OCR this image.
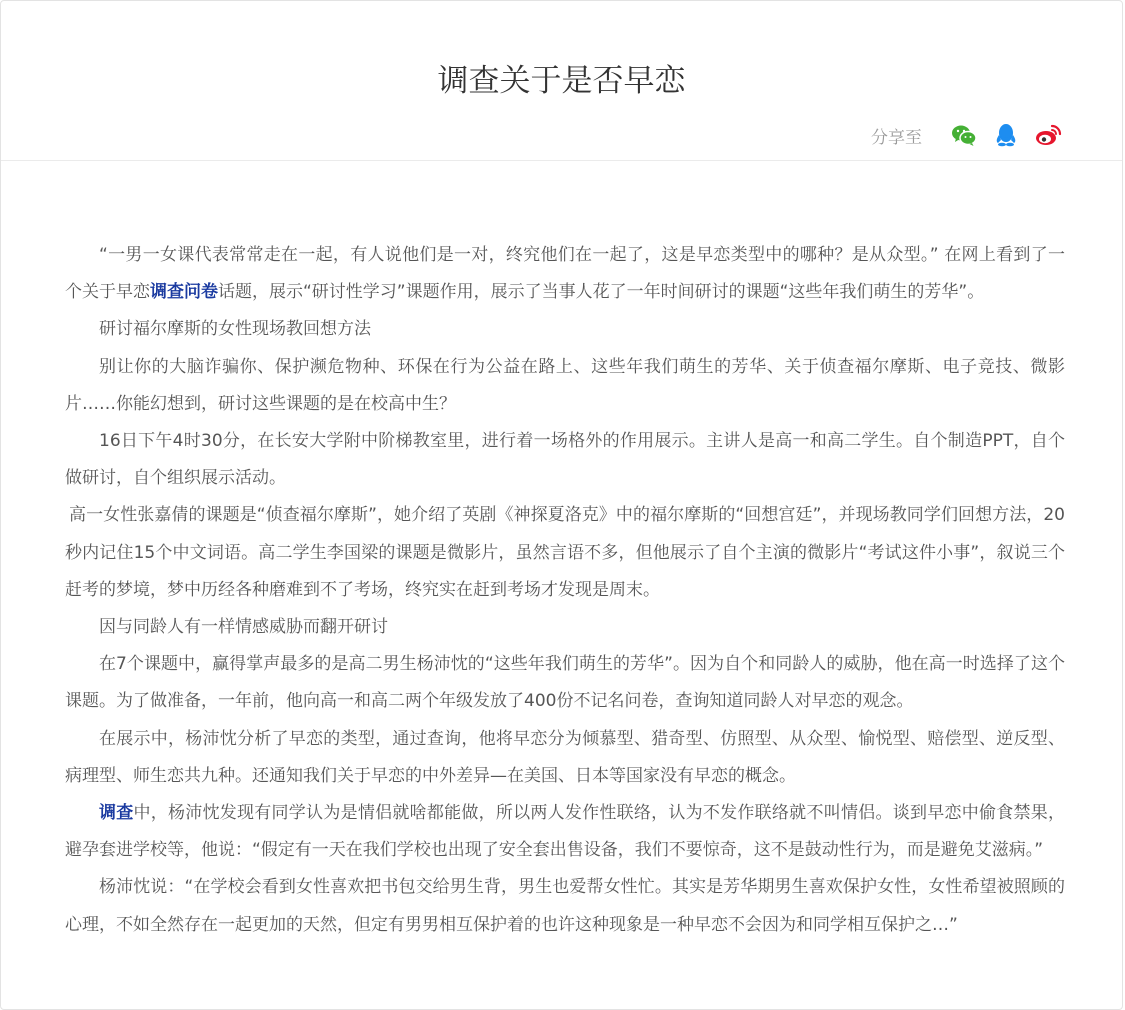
调查关于是否早恋
分享至

“一男一女课代表常常走在一起，有人说他们是一对，终究他们在一起了，这是早恋类型中的哪种？是从众型。” 在网上看到了一个关于早恋调查问卷话题，展示“研讨性学习”课题作用，展示了当事人花了一年时间研讨的课题“这些年我们萌生的芳华”。

研讨福尔摩斯的女性现场教回想方法

别让你的大脑诈骗你、保护濒危物种、环保在行为公益在路上、这些年我们萌生的芳华、关于侦查福尔摩斯、电子竞技、微影片……你能幻想到，研讨这些课题的是在校高中生？

16日下午4时30分，在长安大学附中阶梯教室里，进行着一场格外的作用展示。主讲人是高一和高二学生。自个制造PPT，自个做研讨，自个组织展示活动。

高一女性张嘉倩的课题是“侦查福尔摩斯”，她介绍了英剧《神探夏洛克》中的福尔摩斯的“回想宫廷”，并现场教同学们回想方法，20秒内记住15个中文词语。高二学生李国梁的课题是微影片，虽然言语不多，但他展示了自个主演的微影片“考试这件小事”，叙说三个赶考的梦境，梦中历经各种磨难到不了考场，终究实在赶到考场才发现是周末。

因与同龄人有一样情感威胁而翻开研讨

在7个课题中，赢得掌声最多的是高二男生杨沛忱的“这些年我们萌生的芳华”。因为自个和同龄人的威胁，他在高一时选择了这个课题。为了做准备，一年前，他向高一和高二两个年级发放了400份不记名问卷，查询知道同龄人对早恋的观念。

在展示中，杨沛忱分析了早恋的类型，通过查询，他将早恋分为倾慕型、猎奇型、仿照型、从众型、愉悦型、赔偿型、逆反型、病理型、师生恋共九种。还通知我们关于早恋的中外差异—在美国、日本等国家没有早恋的概念。

调查中，杨沛忱发现有同学认为是情侣就啥都能做，所以两人发作性联络，认为不发作联络就不叫情侣。谈到早恋中偷食禁果，避孕套进学校等，他说：“假定有一天在我们学校也出现了安全套出售设备，我们不要惊奇，这不是鼓动性行为，而是避免艾滋病。”

杨沛忱说：“在学校会看到女性喜欢把书包交给男生背，男生也爱帮女性忙。其实是芳华期男生喜欢保护女性，女性希望被照顾的心理，不如全然存在一起更加的天然，但定有男男相互保护着的也许这种现象是一种早恋不会因为和同学相互保护之…”
